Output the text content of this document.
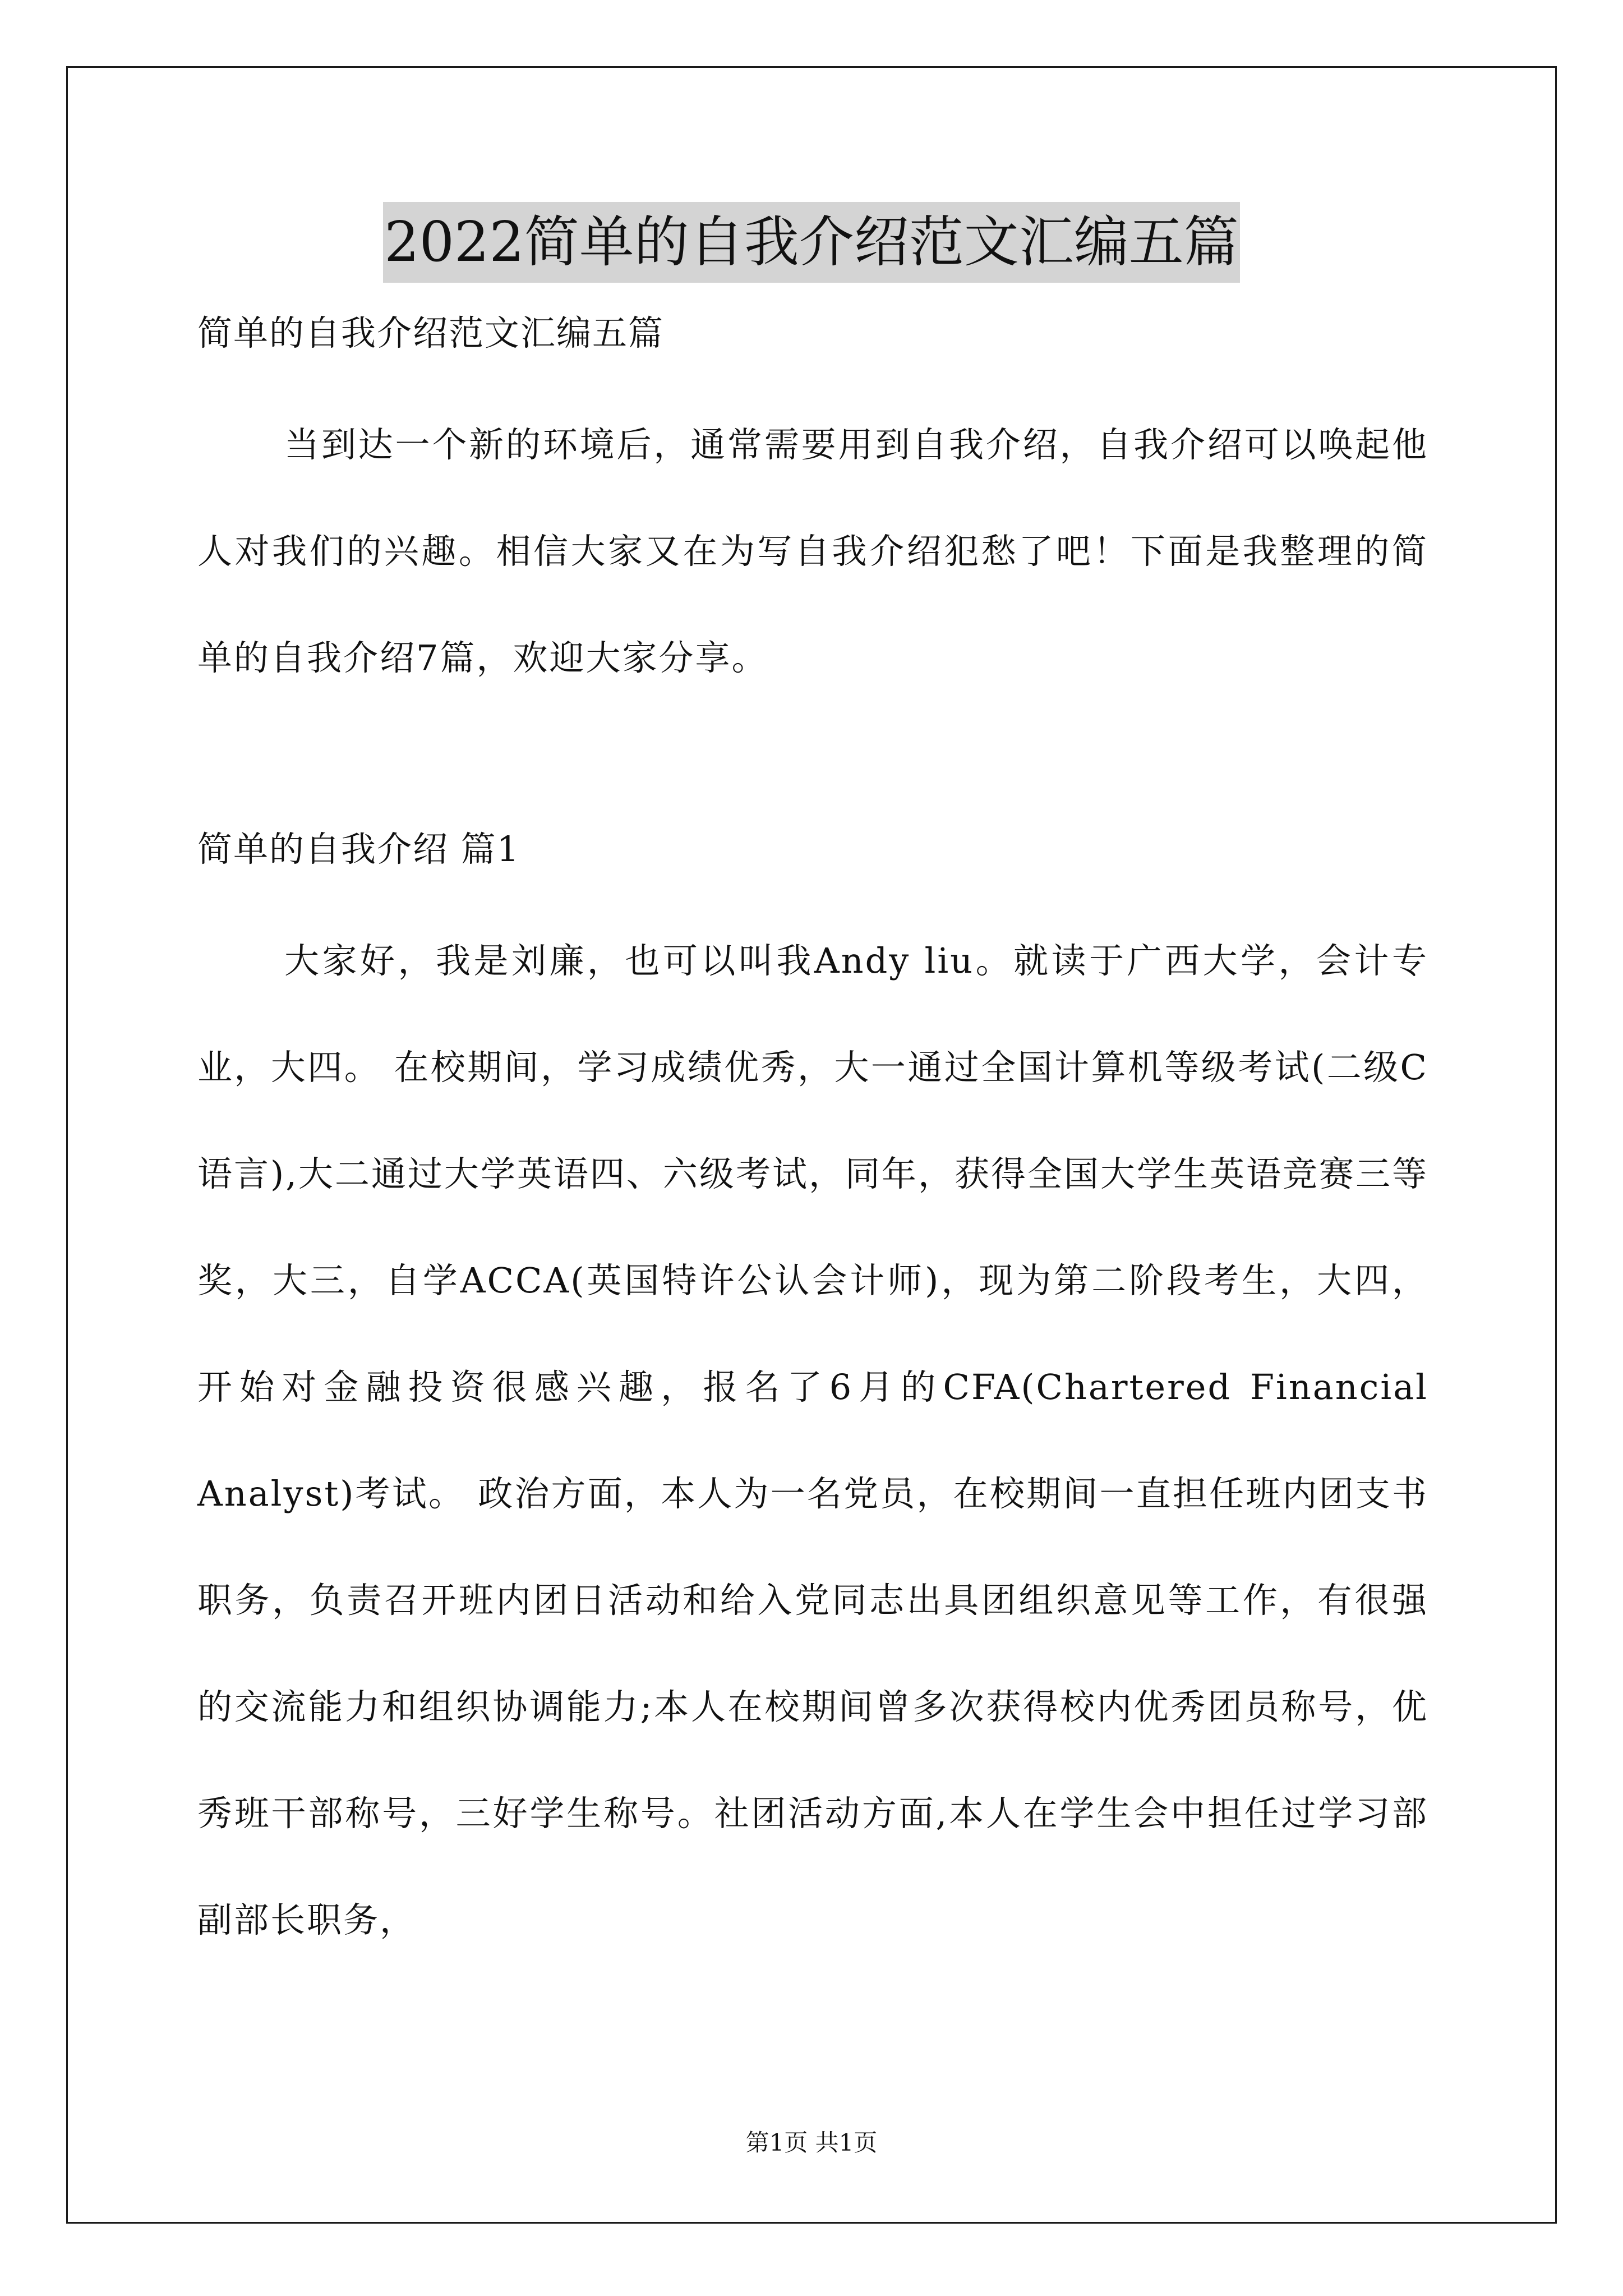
2022简单的自我介绍范文汇编五篇

简单的自我介绍范文汇编五篇

当到达一个新的环境后，通常需要用到自我介绍，自我介绍可以唤起他人对我们的兴趣。相信大家又在为写自我介绍犯愁了吧！下面是我整理的简单的自我介绍7篇，欢迎大家分享。

简单的自我介绍 篇1

大家好，我是刘廉，也可以叫我Andy liu。就读于广西大学，会计专业，大四。 在校期间，学习成绩优秀，大一通过全国计算机等级考试(二级C语言),大二通过大学英语四、六级考试，同年，获得全国大学生英语竞赛三等奖，大三，自学ACCA(英国特许公认会计师)，现为第二阶段考生，大四，开始对金融投资很感兴趣，报名了6月的CFA(Chartered Financial Analyst)考试。 政治方面，本人为一名党员，在校期间一直担任班内团支书职务，负责召开班内团日活动和给入党同志出具团组织意见等工作，有很强的交流能力和组织协调能力;本人在校期间曾多次获得校内优秀团员称号，优秀班干部称号，三好学生称号。社团活动方面,本人在学生会中担任过学习部副部长职务，

第1页 共1页
